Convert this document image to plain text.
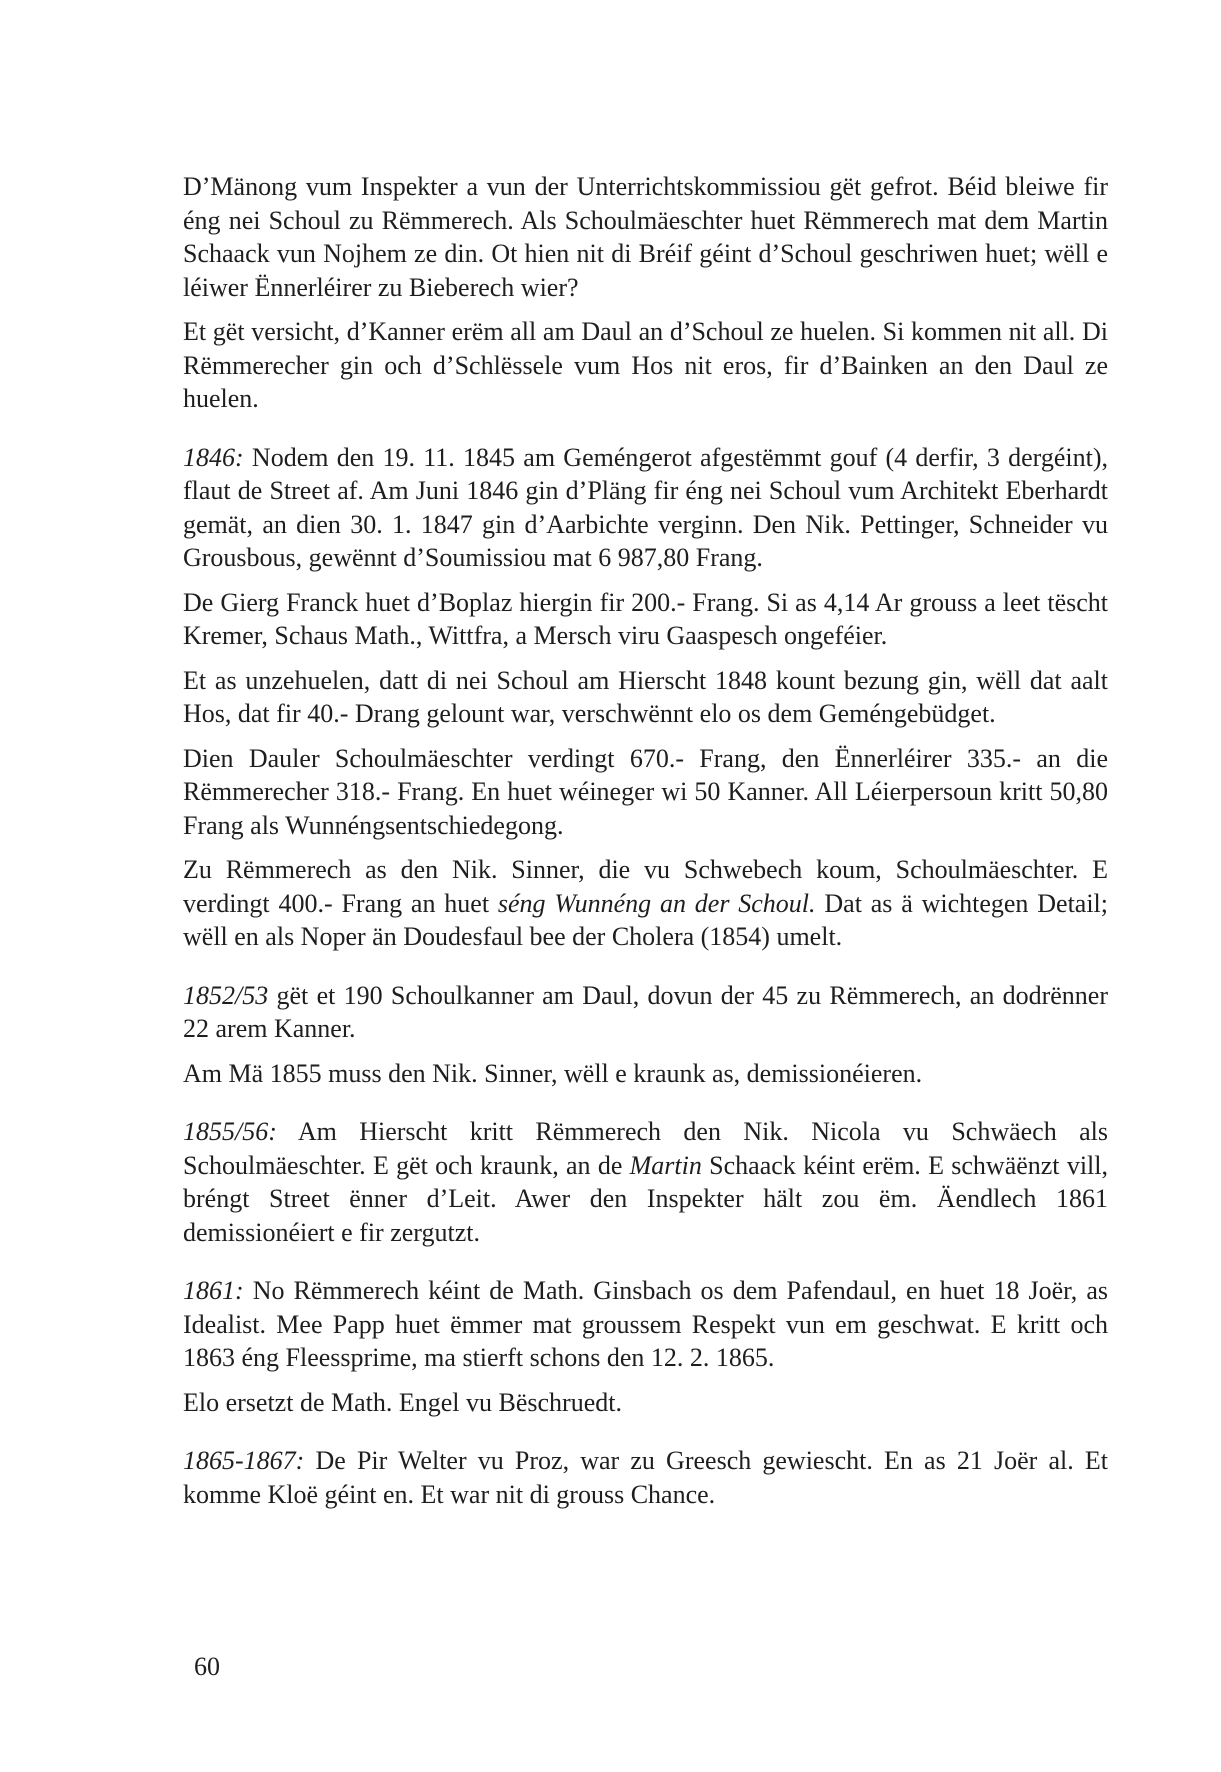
D’Mänong vum Inspekter a vun der Unterrichtskommissiou gët gefrot. Béid bleiwe fir éng nei Schoul zu Rëmmerech. Als Schoulmäeschter huet Rëmmerech mat dem Martin Schaack vun Nojhem ze din. Ot hien nit di Bréif géint d’Schoul geschriwen huet; wëll e léiwer Ënnerléirer zu Bieberech wier?

Et gët versicht, d’Kanner erëm all am Daul an d’Schoul ze huelen. Si kommen nit all. Di Rëmmerecher gin och d’Schlëssele vum Hos nit eros, fir d’Bainken an den Daul ze huelen.

1846: Nodem den 19. 11. 1845 am Geméngerot afgestëmmt gouf (4 derfir, 3 dergéint), flaut de Street af. Am Juni 1846 gin d’Pläng fir éng nei Schoul vum Architekt Eberhardt gemät, an dien 30. 1. 1847 gin d’Aarbichte verginn. Den Nik. Pettinger, Schneider vu Grousbous, gewënnt d’Soumissiou mat 6 987,80 Frang.

De Gierg Franck huet d’Boplaz hiergin fir 200.- Frang. Si as 4,14 Ar grouss a leet tëscht Kremer, Schaus Math., Wittfra, a Mersch viru Gaaspesch ongeféier.

Et as unzehuelen, datt di nei Schoul am Hierscht 1848 kount bezung gin, wëll dat aalt Hos, dat fir 40.- Drang gelount war, verschwënnt elo os dem Geméngebüdget.

Dien Dauler Schoulmäeschter verdingt 670.- Frang, den Ënnerléirer 335.- an die Rëmmerecher 318.- Frang. En huet wéineger wi 50 Kanner. All Léierpersoun kritt 50,80 Frang als Wunnéngsentschiedegong.

Zu Rëmmerech as den Nik. Sinner, die vu Schwebech koum, Schoulmäeschter. E verdingt 400.- Frang an huet séng Wunnéng an der Schoul. Dat as ä wichtegen Detail; wëll en als Noper än Doudesfaul bee der Cholera (1854) umelt.

1852/53 gët et 190 Schoulkanner am Daul, dovun der 45 zu Rëmmerech, an dodrënner 22 arem Kanner.

Am Mä 1855 muss den Nik. Sinner, wëll e kraunk as, demissionéieren.

1855/56: Am Hierscht kritt Rëmmerech den Nik. Nicola vu Schwäech als Schoulmäeschter. E gët och kraunk, an de Martin Schaack kéint erëm. E schwäënzt vill, bréngt Street ënner d’Leit. Awer den Inspekter hält zou ëm. Äendlech 1861 demissionéiert e fir zergutzt.

1861: No Rëmmerech kéint de Math. Ginsbach os dem Pafendaul, en huet 18 Joër, as Idealist. Mee Papp huet ëmmer mat groussem Respekt vun em geschwat. E kritt och 1863 éng Fleessprime, ma stierft schons den 12. 2. 1865.

Elo ersetzt de Math. Engel vu Bëschruedt.

1865-1867: De Pir Welter vu Proz, war zu Greesch gewiescht. En as 21 Joër al. Et komme Kloë géint en. Et war nit di grouss Chance.

60
